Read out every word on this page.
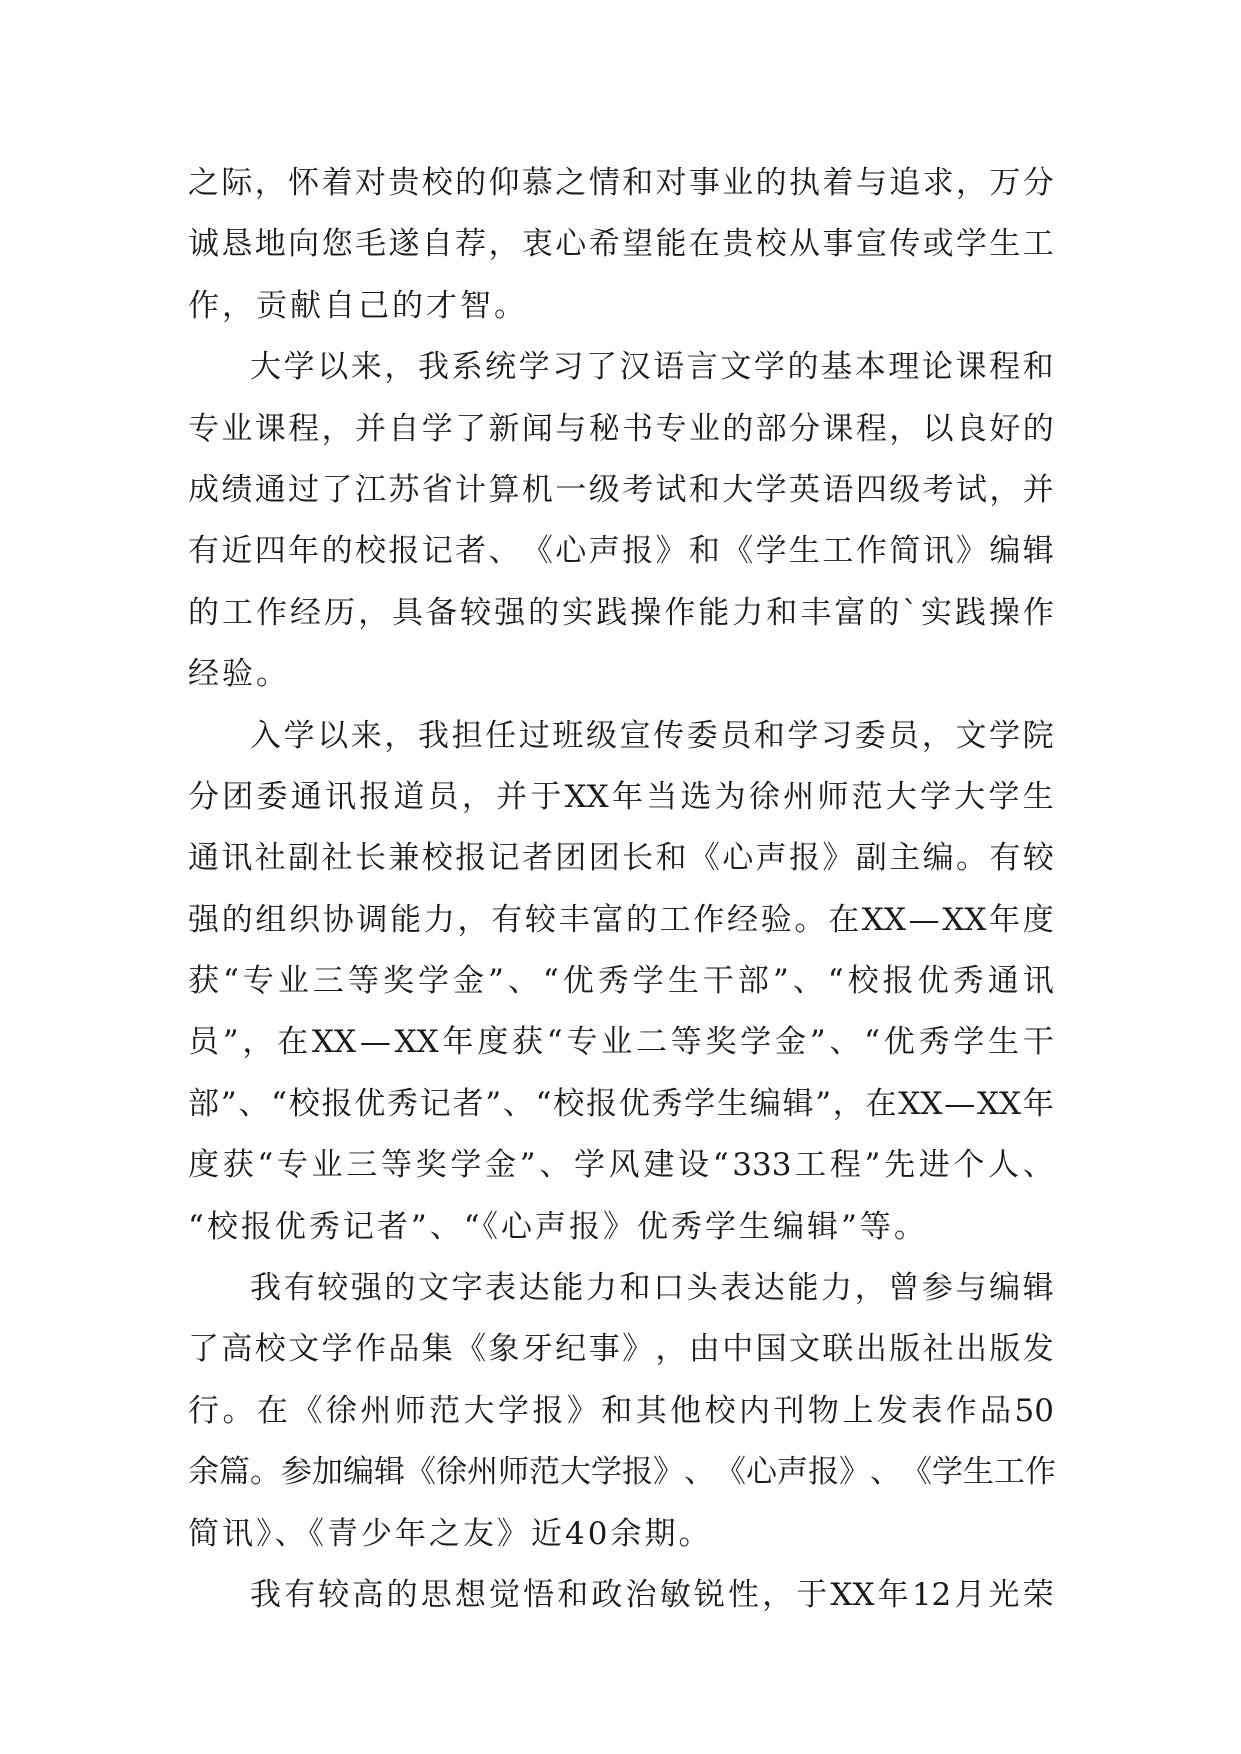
之 际 ， 怀 着 对 贵 校 的 仰 慕 之 情 和 对 事 业 的 执 着 与 追 求 ， 万 分
诚 恳 地 向 您 毛 遂 自 荐 ， 衷 心 希 望 能 在 贵 校 从 事 宣 传 或 学 生 工
作，贡献自己的才智。
大 学 以 来 ， 我 系 统 学 习 了 汉 语 言 文 学 的 基 本 理 论 课 程 和
专 业 课 程 ， 并 自 学 了 新 闻 与 秘 书 专 业 的 部 分 课 程 ， 以 良 好 的
成 绩 通 过 了 江 苏 省 计 算 机 一 级 考 试 和 大 学 英 语 四 级 考 试 ， 并
有 近 四 年 的 校 报 记 者 、 《 心 声 报 》 和 《 学 生 工 作 简 讯 》 编 辑
的 工 作 经 历 ， 具 备 较 强 的 实 践 操 作 能 力 和 丰 富 的 ` 实 践 操 作
经验。
入 学 以 来 ， 我 担 任 过 班 级 宣 传 委 员 和 学 习 委 员 ， 文 学 院
分 团 委 通 讯 报 道 员 ， 并 于 XX 年 当 选 为 徐 州 师 范 大 学 大 学 生
通 讯 社 副 社 长 兼 校 报 记 者 团 团 长 和 《 心 声 报 》 副 主 编 。 有 较
强 的 组 织 协 调 能 力 ， 有 较 丰 富 的 工 作 经 验 。 在 XX — XX 年 度
获 “ 专 业 三 等 奖 学 金 ” 、 “ 优 秀 学 生 干 部 ” 、 “ 校 报 优 秀 通 讯
员 ” ， 在 XX — XX 年 度 获 “ 专 业 二 等 奖 学 金 ” 、 “ 优 秀 学 生 干
部 ” 、 “ 校 报 优 秀 记 者 ” 、 “ 校 报 优 秀 学 生 编 辑 ” ， 在 XX — XX 年
度 获 “ 专 业 三 等 奖 学 金 ” 、 学 风 建 设 “ 333 工 程 ” 先 进 个 人 、
“校报优秀记者”、“《心声报》优秀学生编辑”等。
我 有 较 强 的 文 字 表 达 能 力 和 口 头 表 达 能 力 ， 曾 参 与 编 辑
了 高 校 文 学 作 品 集 《 象 牙 纪 事 》 ， 由 中 国 文 联 出 版 社 出 版 发
行 。 在 《 徐 州 师 范 大 学 报 》 和 其 他 校 内 刊 物 上 发 表 作 品 50
余 篇 。 参 加 编 辑 《 徐 州 师 范 大 学 报 》 、 《 心 声 报 》 、 《 学 生 工 作
简讯》、《青少年之友》近40余期。
我 有 较 高 的 思 想 觉 悟 和 政 治 敏 锐 性 ， 于 XX 年 12 月 光 荣
